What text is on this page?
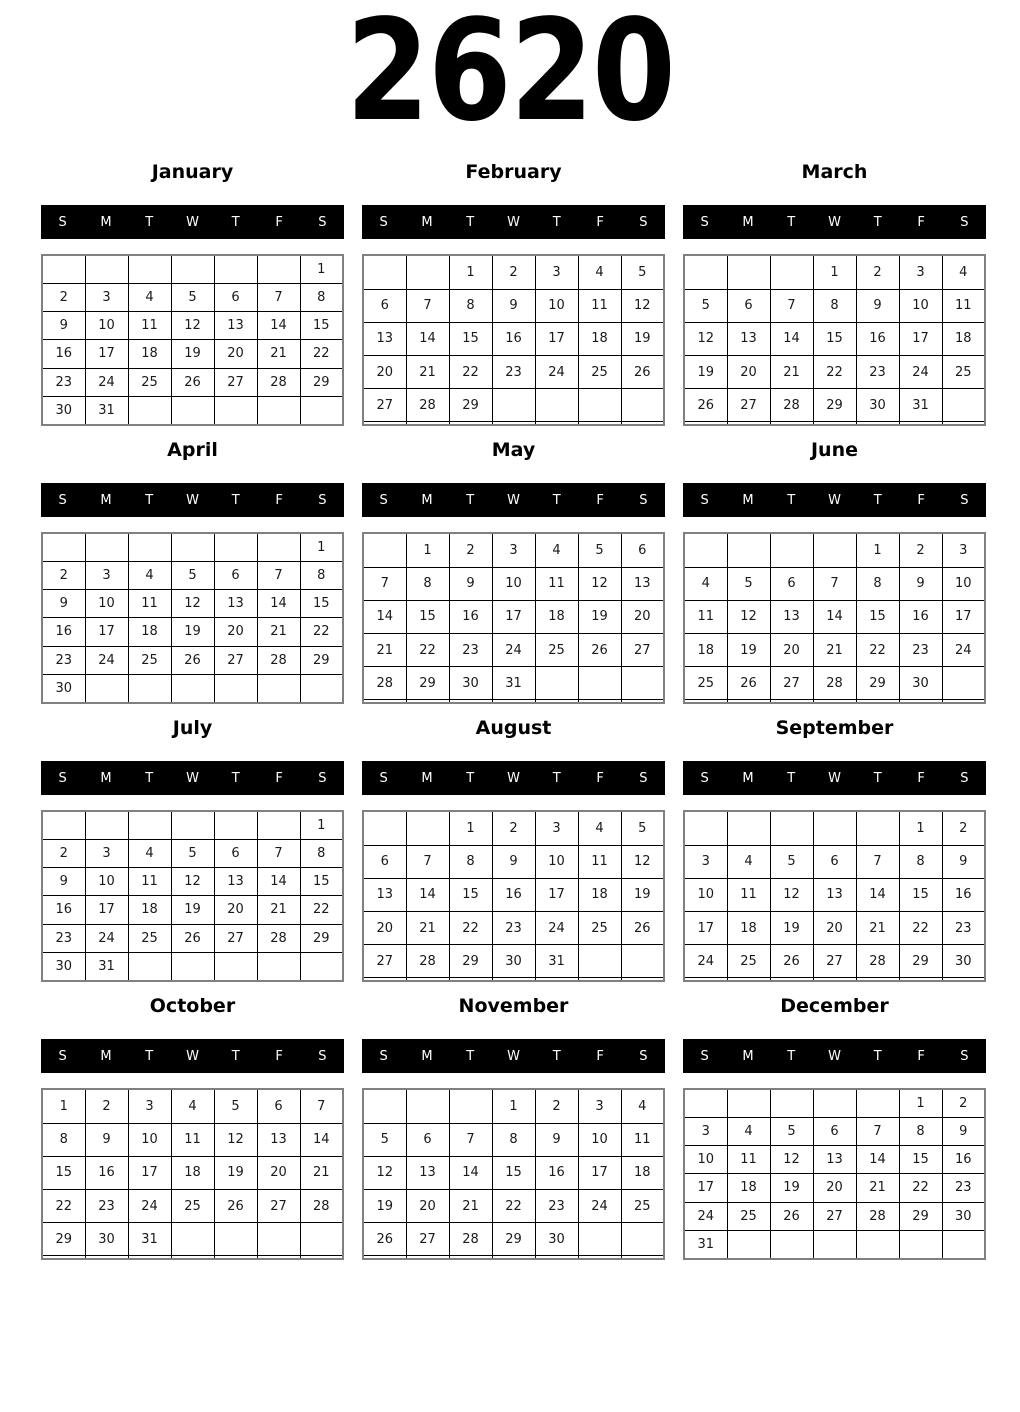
2620
January
S	M	T	W	T	F	S
						1
2	3	4	5	6	7	8
9	10	11	12	13	14	15
16	17	18	19	20	21	22
23	24	25	26	27	28	29
30	31					
February
S	M	T	W	T	F	S
		1	2	3	4	5
6	7	8	9	10	11	12
13	14	15	16	17	18	19
20	21	22	23	24	25	26
27	28	29				

March
S	M	T	W	T	F	S
			1	2	3	4
5	6	7	8	9	10	11
12	13	14	15	16	17	18
19	20	21	22	23	24	25
26	27	28	29	30	31	

April
S	M	T	W	T	F	S
						1
2	3	4	5	6	7	8
9	10	11	12	13	14	15
16	17	18	19	20	21	22
23	24	25	26	27	28	29
30						
May
S	M	T	W	T	F	S
	1	2	3	4	5	6
7	8	9	10	11	12	13
14	15	16	17	18	19	20
21	22	23	24	25	26	27
28	29	30	31			

June
S	M	T	W	T	F	S
				1	2	3
4	5	6	7	8	9	10
11	12	13	14	15	16	17
18	19	20	21	22	23	24
25	26	27	28	29	30	

July
S	M	T	W	T	F	S
						1
2	3	4	5	6	7	8
9	10	11	12	13	14	15
16	17	18	19	20	21	22
23	24	25	26	27	28	29
30	31					
August
S	M	T	W	T	F	S
		1	2	3	4	5
6	7	8	9	10	11	12
13	14	15	16	17	18	19
20	21	22	23	24	25	26
27	28	29	30	31		

September
S	M	T	W	T	F	S
					1	2
3	4	5	6	7	8	9
10	11	12	13	14	15	16
17	18	19	20	21	22	23
24	25	26	27	28	29	30

October
S	M	T	W	T	F	S
1	2	3	4	5	6	7
8	9	10	11	12	13	14
15	16	17	18	19	20	21
22	23	24	25	26	27	28
29	30	31				

November
S	M	T	W	T	F	S
			1	2	3	4
5	6	7	8	9	10	11
12	13	14	15	16	17	18
19	20	21	22	23	24	25
26	27	28	29	30		

December
S	M	T	W	T	F	S
					1	2
3	4	5	6	7	8	9
10	11	12	13	14	15	16
17	18	19	20	21	22	23
24	25	26	27	28	29	30
31						
